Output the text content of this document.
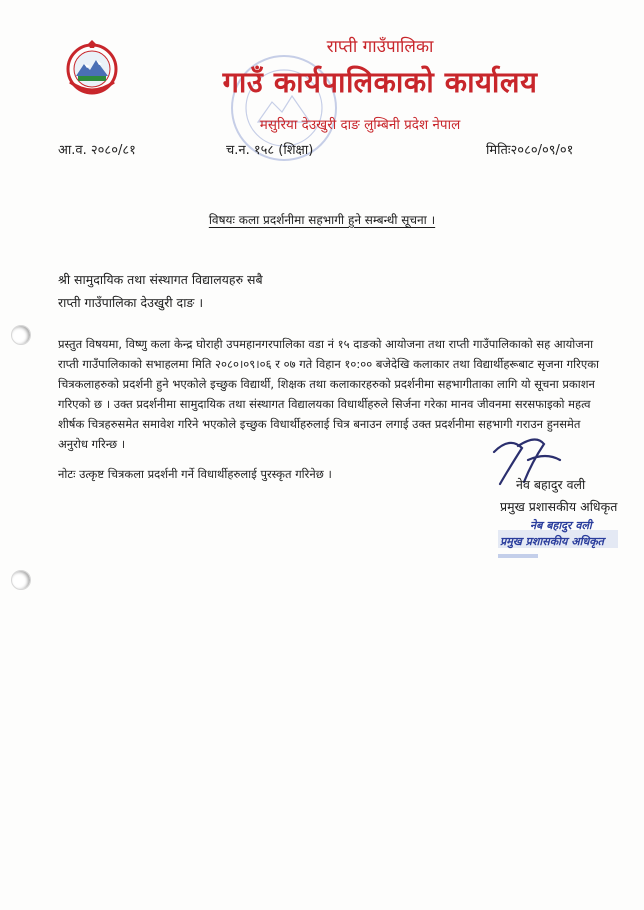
राप्ती गाउँपालिका
गाउँ कार्यपालिकाको कार्यालय
मसुरिया देउखुरी दाङ लुम्बिनी प्रदेश नेपाल
आ.व. २०८०/८१	च.न. १५८ (शिक्षा)	मितिः२०८०/०९/०१
विषयः कला प्रदर्शनीमा सहभागी हुने सम्बन्धी सूचना ।
श्री सामुदायिक तथा संस्थागत विद्यालयहरु सबै
राप्ती गाउँपालिका देउखुरी दाङ ।
प्रस्तुत विषयमा, विष्णु कला केन्द्र घोराही उपमहानगरपालिका वडा नं १५ दाङको आयोजना तथा राप्ती गाउँपालिकाको सह आयोजना
राप्ती गाउँपालिकाको सभाहलमा मिति २०८०।०९।०६ र ०७ गते विहान १०:०० बजेदेखि कलाकार तथा विद्यार्थीहरूबाट सृजना गरिएका
चित्रकलाहरुको प्रदर्शनी हुने भएकोले इच्छुक विद्यार्थी, शिक्षक तथा कलाकारहरुको प्रदर्शनीमा सहभागीताका लागि यो सूचना प्रकाशन
गरिएको छ । उक्त प्रदर्शनीमा सामुदायिक तथा संस्थागत विद्यालयका विधार्थीहरुले सिर्जना गरेका मानव जीवनमा सरसफाइको महत्व
शीर्षक चित्रहरुसमेत समावेश गरिने भएकोले इच्छुक विधार्थीहरुलाई चित्र बनाउन लगाई उक्त प्रदर्शनीमा सहभागी गराउन हुनसमेत
अनुरोध गरिन्छ ।
नोटः उत्कृष्ट चित्रकला प्रदर्शनी गर्ने विधार्थीहरुलाई पुरस्कृत गरिनेछ ।
नेव बहादुर वली
प्रमुख प्रशासकीय अधिकृत
नेब बहादुर वली
प्रमुख प्रशासकीय अधिकृत
